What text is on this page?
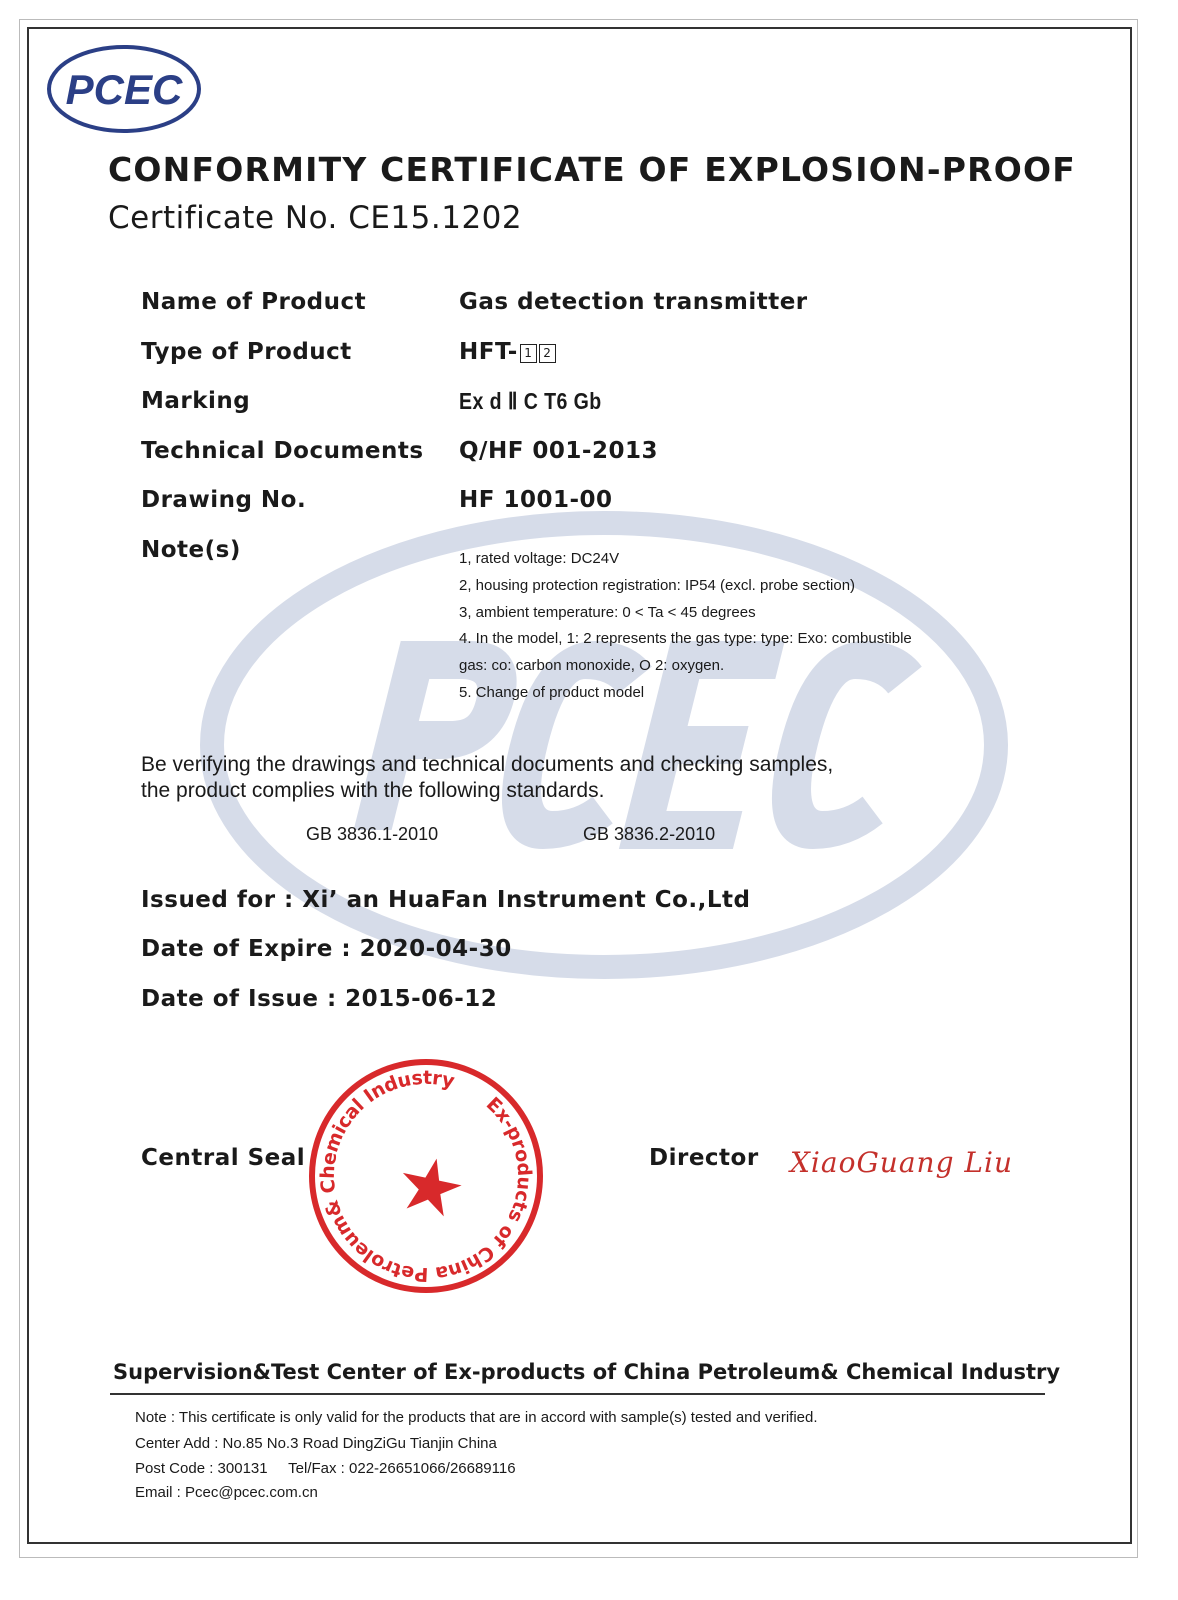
PCEC
CONFORMITY CERTIFICATE OF EXPLOSION-PROOF
Certificate No. CE15.1202
Name of Product	Gas detection transmitter
Type of Product	HFT- 1 2
Marking	Ex d Ⅱ C T6 Gb
Technical Documents Q/HF 001-2013
Drawing No.	HF 1001-00
Note(s)	1, rated voltage: DC24V
2, housing protection registration: IP54 (excl. probe section)
3, ambient temperature: 0 < Ta < 45 degrees
4. In the model, 1: 2 represents the gas type: type: Exo: combustible
gas: co: carbon monoxide, O 2: oxygen.
5. Change of product model
Be verifying the drawings and technical documents and checking samples,
the product complies with the following standards.
GB 3836.1-2010	GB 3836.2-2010
Issued for : Xi’ an HuaFan Instrument Co.,Ltd
Date of Expire : 2020-04-30
Date of Issue : 2015-06-12
Central Seal
Ex-products of China Petroleum& Chemical Industry
Director XiaoGuang Liu
Supervision&Test Center of Ex-products of China Petroleum& Chemical Industry
Note : This certificate is only valid for the products that are in accord with sample(s) tested and verified.
Center Add : No.85 No.3 Road DingZiGu Tianjin China
Post Code : 300131     Tel/Fax : 022-26651066/26689116
Email : Pcec@pcec.com.cn
